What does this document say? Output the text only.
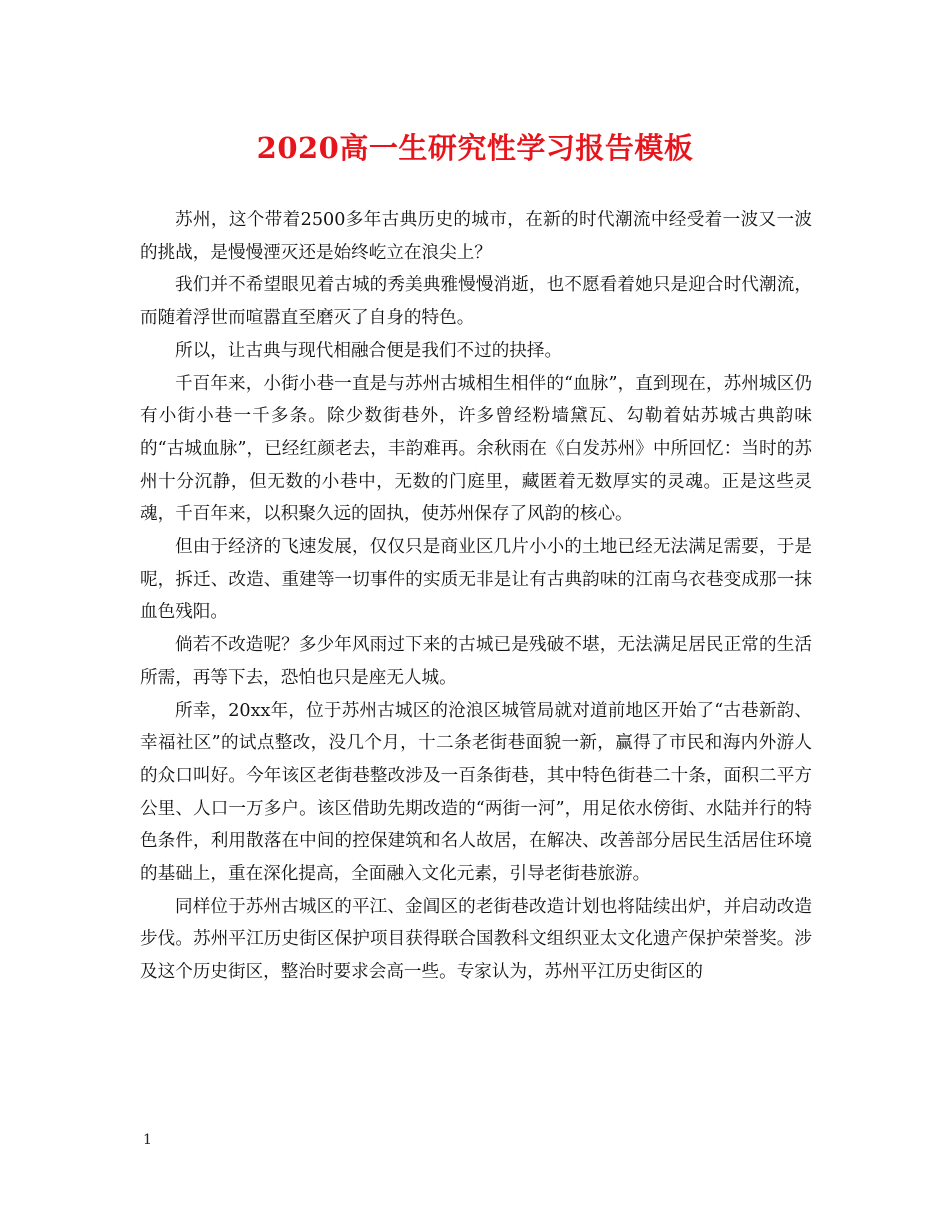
2020高一生研究性学习报告模板

苏州，这个带着2500多年古典历史的城市，在新的时代潮流中经受着一波又一波的挑战，是慢慢湮灭还是始终屹立在浪尖上？

我们并不希望眼见着古城的秀美典雅慢慢消逝，也不愿看着她只是迎合时代潮流，而随着浮世而喧嚣直至磨灭了自身的特色。

所以，让古典与现代相融合便是我们不过的抉择。

千百年来，小街小巷一直是与苏州古城相生相伴的“血脉”，直到现在，苏州城区仍有小街小巷一千多条。除少数街巷外，许多曾经粉墙黛瓦、勾勒着姑苏城古典韵味的“古城血脉”，已经红颜老去，丰韵难再。余秋雨在《白发苏州》中所回忆：当时的苏州十分沉静，但无数的小巷中，无数的门庭里，藏匿着无数厚实的灵魂。正是这些灵魂，千百年来，以积聚久远的固执，使苏州保存了风韵的核心。

但由于经济的飞速发展，仅仅只是商业区几片小小的土地已经无法满足需要，于是呢，拆迁、改造、重建等一切事件的实质无非是让有古典韵味的江南乌衣巷变成那一抹血色残阳。

倘若不改造呢？多少年风雨过下来的古城已是残破不堪，无法满足居民正常的生活所需，再等下去，恐怕也只是座无人城。

所幸，20xx年，位于苏州古城区的沧浪区城管局就对道前地区开始了“古巷新韵、幸福社区”的试点整改，没几个月，十二条老街巷面貌一新，赢得了市民和海内外游人的众口叫好。今年该区老街巷整改涉及一百条街巷，其中特色街巷二十条，面积二平方公里、人口一万多户。该区借助先期改造的“两街一河”，用足依水傍街、水陆并行的特色条件，利用散落在中间的控保建筑和名人故居，在解决、改善部分居民生活居住环境的基础上，重在深化提高，全面融入文化元素，引导老街巷旅游。

同样位于苏州古城区的平江、金阊区的老街巷改造计划也将陆续出炉，并启动改造步伐。苏州平江历史街区保护项目获得联合国教科文组织亚太文化遗产保护荣誉奖。涉及这个历史街区，整治时要求会高一些。专家认为，苏州平江历史街区的

1
